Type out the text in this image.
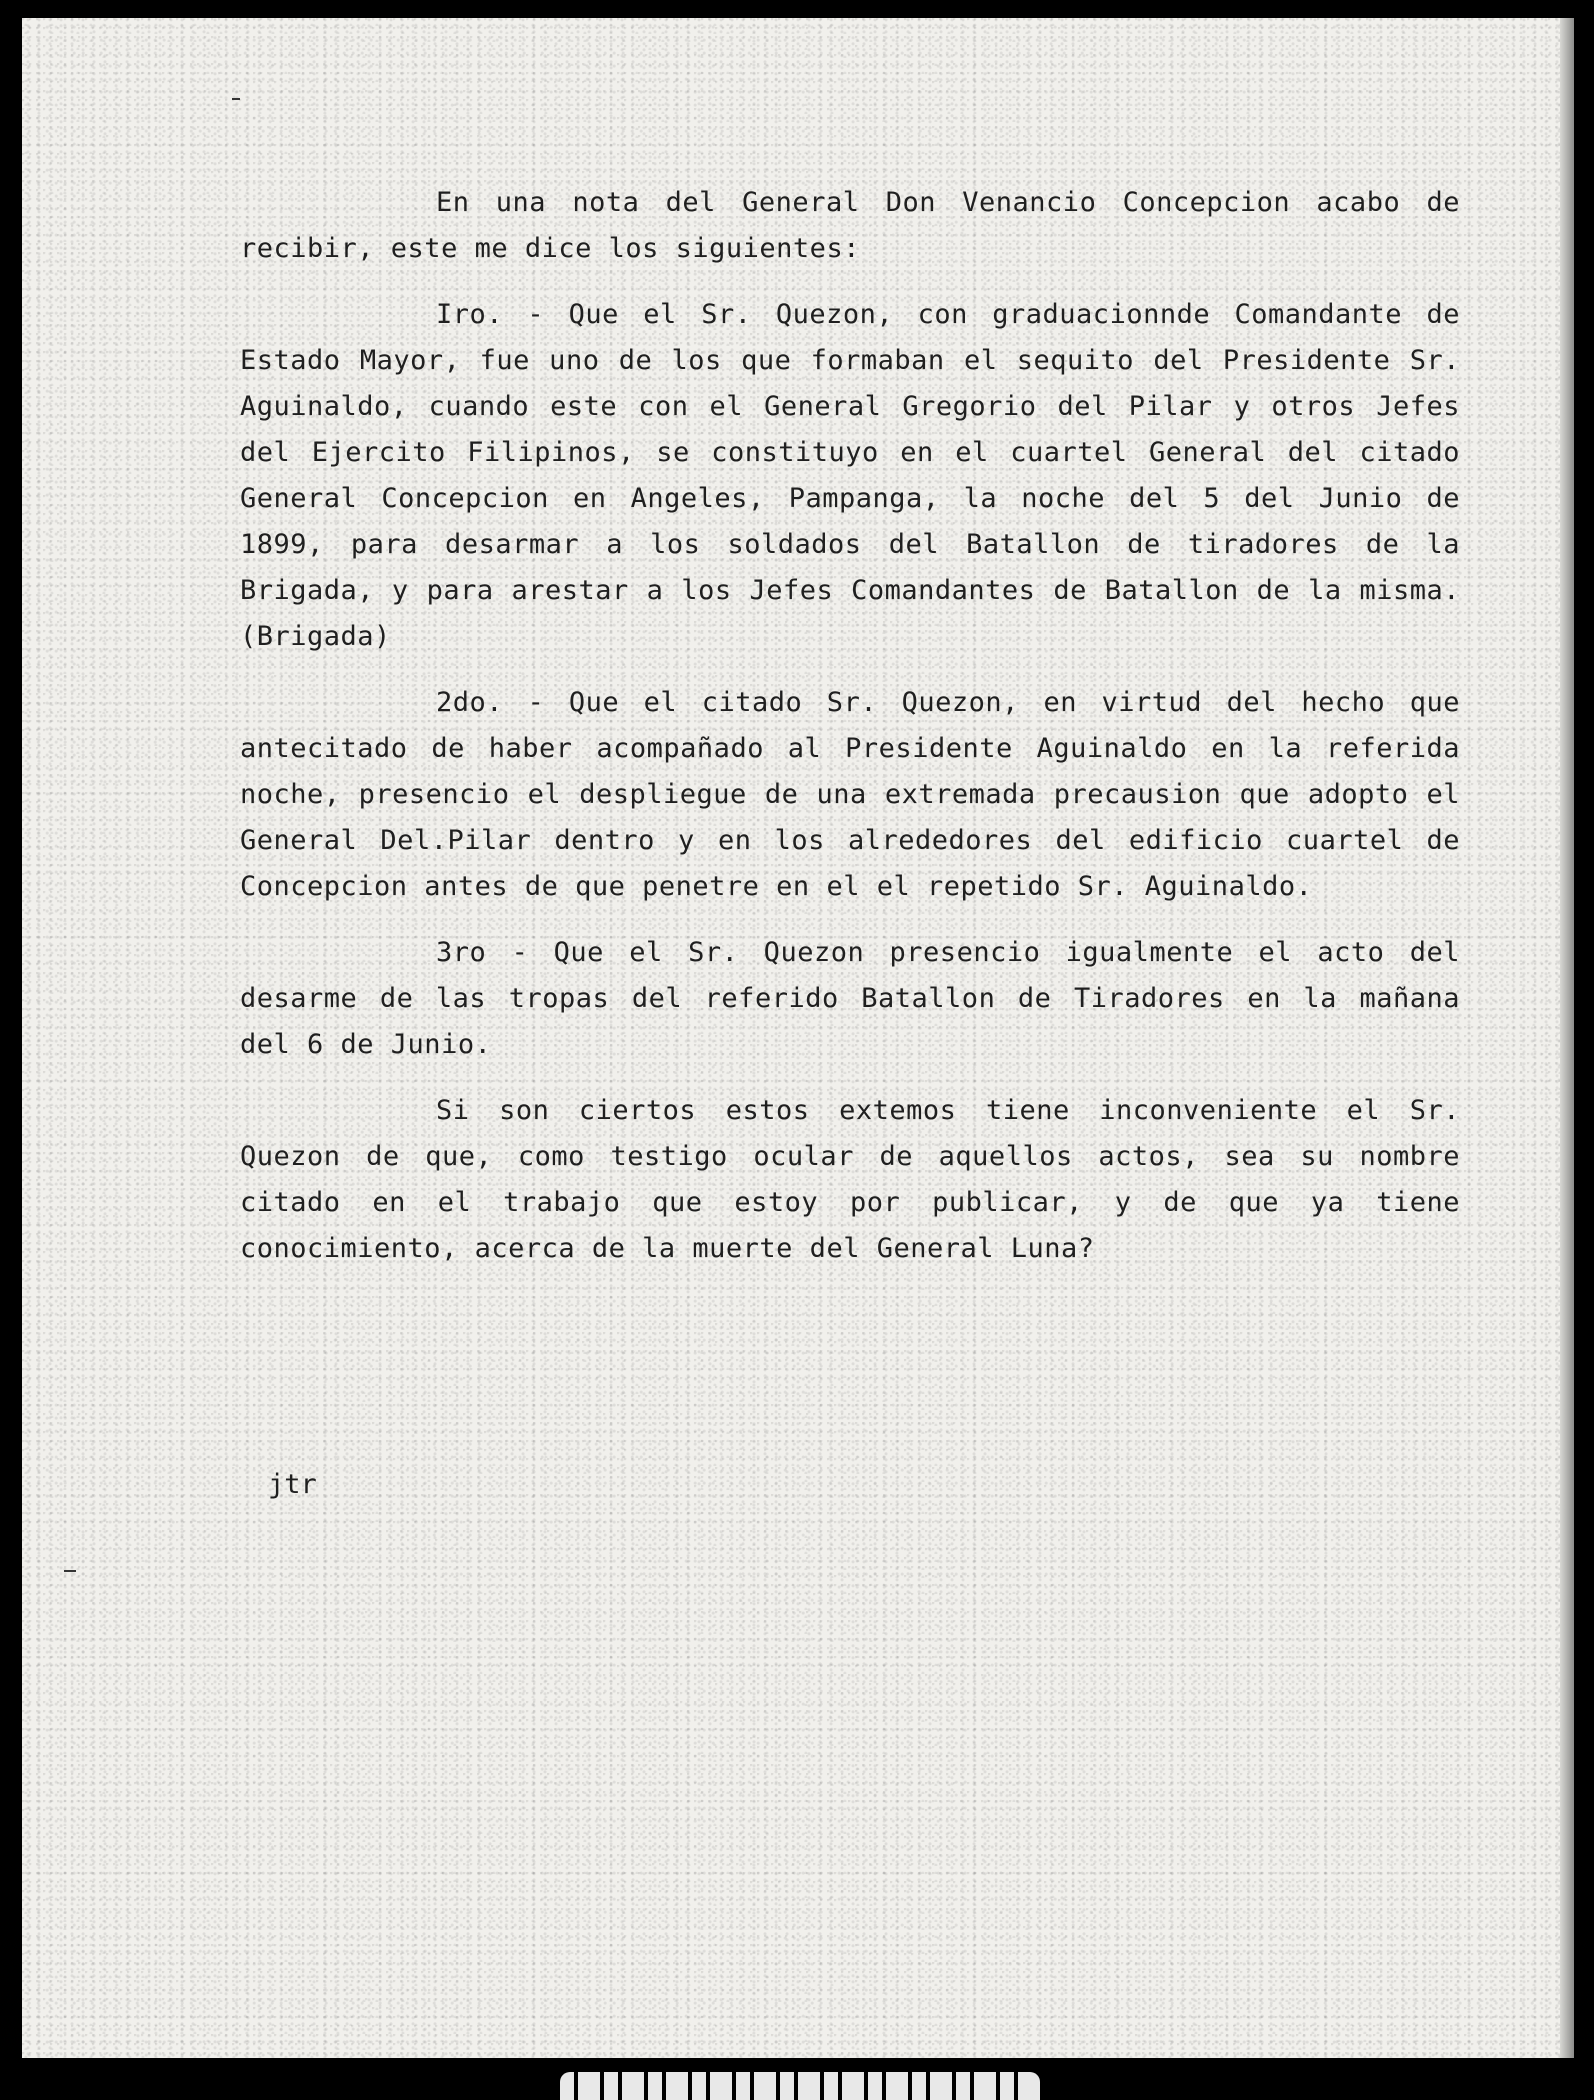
En una nota del General Don Venancio Concepcion acabo de recibir, este me dice los siguientes:

Iro. - Que el Sr. Quezon, con graduacionnde Comandante de Estado Mayor, fue uno de los que formaban el sequito del Presidente Sr. Aguinaldo, cuando este con el General Gregorio del Pilar y otros Jefes del Ejercito Filipinos, se constituyo en el cuartel General del citado General Concepcion en Angeles, Pampanga, la noche del 5 del Junio de 1899, para desarmar a los soldados del Batallon de tiradores de la Brigada, y para arestar a los Jefes Comandantes de Batallon de la misma. (Brigada)

2do. - Que el citado Sr. Quezon, en virtud del hecho que antecitado de haber acompañado al Presidente Aguinaldo en la referida noche, presencio el despliegue de una extremada precausion que adopto el General Del.Pilar dentro y en los alrededores del edificio cuartel de Concepcion antes de que penetre en el el repetido Sr. Aguinaldo.

3ro - Que el Sr. Quezon presencio igualmente el acto del desarme de las tropas del referido Batallon de Tiradores en la mañana del 6 de Junio.

Si son ciertos estos extemos tiene inconveniente el Sr. Quezon de que, como testigo ocular de aquellos actos, sea su nombre citado en el trabajo que estoy por publicar, y de que ya tiene conocimiento, acerca de la muerte del General Luna?

jtr
